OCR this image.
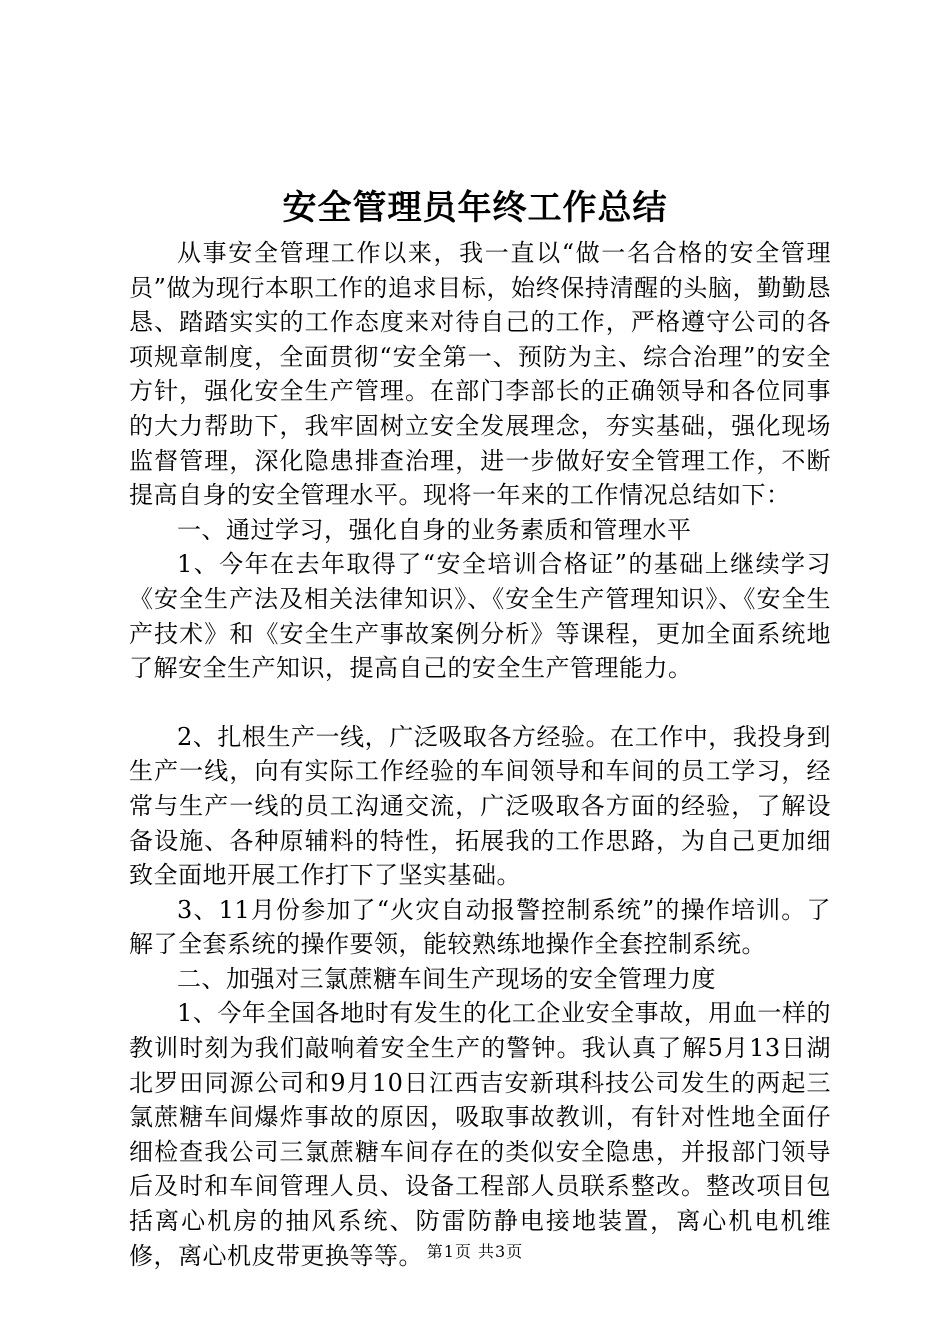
安全管理员年终工作总结

从事安全管理工作以来，我一直以“做一名合格的安全管理员”做为现行本职工作的追求目标，始终保持清醒的头脑，勤勤恳恳、踏踏实实的工作态度来对待自己的工作，严格遵守公司的各项规章制度，全面贯彻“安全第一、预防为主、综合治理”的安全方针，强化安全生产管理。在部门李部长的正确领导和各位同事的大力帮助下，我牢固树立安全发展理念，夯实基础，强化现场监督管理，深化隐患排查治理，进一步做好安全管理工作，不断提高自身的安全管理水平。现将一年来的工作情况总结如下：

一、通过学习，强化自身的业务素质和管理水平

1、今年在去年取得了“安全培训合格证”的基础上继续学习《安全生产法及相关法律知识》、《安全生产管理知识》、《安全生产技术》和《安全生产事故案例分析》等课程，更加全面系统地了解安全生产知识，提高自己的安全生产管理能力。

2、扎根生产一线，广泛吸取各方经验。在工作中，我投身到生产一线，向有实际工作经验的车间领导和车间的员工学习，经常与生产一线的员工沟通交流，广泛吸取各方面的经验，了解设备设施、各种原辅料的特性，拓展我的工作思路，为自己更加细致全面地开展工作打下了坚实基础。

3、11月份参加了“火灾自动报警控制系统”的操作培训。了解了全套系统的操作要领，能较熟练地操作全套控制系统。

二、加强对三氯蔗糖车间生产现场的安全管理力度

1、今年全国各地时有发生的化工企业安全事故，用血一样的教训时刻为我们敲响着安全生产的警钟。我认真了解5月13日湖北罗田同源公司和9月10日江西吉安新琪科技公司发生的两起三氯蔗糖车间爆炸事故的原因，吸取事故教训，有针对性地全面仔细检查我公司三氯蔗糖车间存在的类似安全隐患，并报部门领导后及时和车间管理人员、设备工程部人员联系整改。整改项目包括离心机房的抽风系统、防雷防静电接地装置，离心机电机维修，离心机皮带更换等等。 第1页 共3页
